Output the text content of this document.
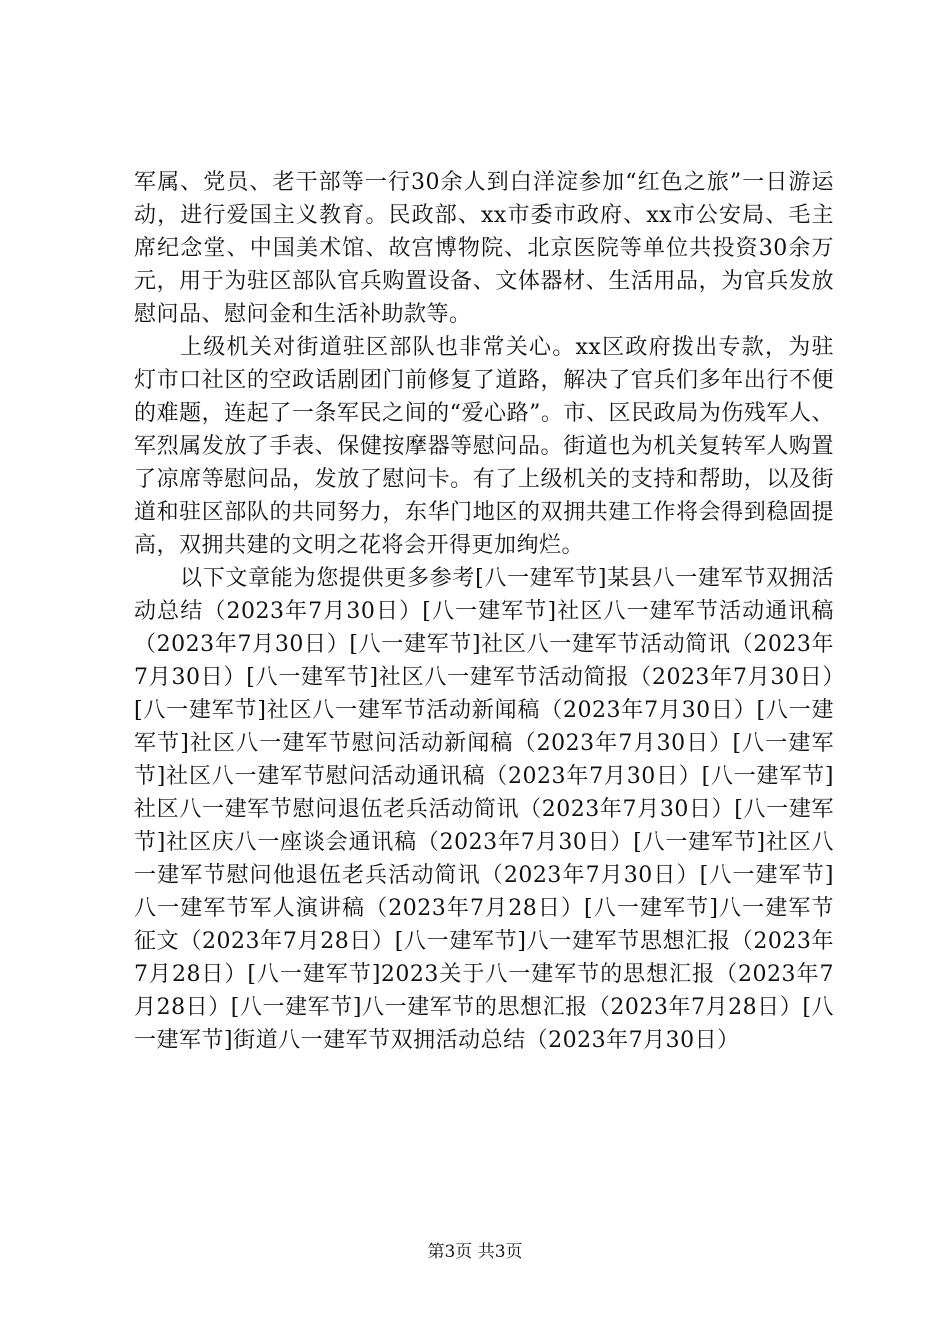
军属、党员、老干部等一行30余人到白洋淀参加“红色之旅”一日游运动，进行爱国主义教育。民政部、xx市委市政府、xx市公安局、毛主席纪念堂、中国美术馆、故宫博物院、北京医院等单位共投资30余万元，用于为驻区部队官兵购置设备、文体器材、生活用品，为官兵发放慰问品、慰问金和生活补助款等。

上级机关对街道驻区部队也非常关心。xx区政府拨出专款，为驻灯市口社区的空政话剧团门前修复了道路，解决了官兵们多年出行不便的难题，连起了一条军民之间的“爱心路”。市、区民政局为伤残军人、军烈属发放了手表、保健按摩器等慰问品。街道也为机关复转军人购置了凉席等慰问品，发放了慰问卡。有了上级机关的支持和帮助，以及街道和驻区部队的共同努力，东华门地区的双拥共建工作将会得到稳固提高，双拥共建的文明之花将会开得更加绚烂。

以下文章能为您提供更多参考[八一建军节]某县八一建军节双拥活动总结（2023年7月30日）[八一建军节]社区八一建军节活动通讯稿（2023年7月30日）[八一建军节]社区八一建军节活动简讯（2023年7月30日）[八一建军节]社区八一建军节活动简报（2023年7月30日）[八一建军节]社区八一建军节活动新闻稿（2023年7月30日）[八一建军节]社区八一建军节慰问活动新闻稿（2023年7月30日）[八一建军节]社区八一建军节慰问活动通讯稿（2023年7月30日）[八一建军节]社区八一建军节慰问退伍老兵活动简讯（2023年7月30日）[八一建军节]社区庆八一座谈会通讯稿（2023年7月30日）[八一建军节]社区八一建军节慰问他退伍老兵活动简讯（2023年7月30日）[八一建军节]八一建军节军人演讲稿（2023年7月28日）[八一建军节]八一建军节征文（2023年7月28日）[八一建军节]八一建军节思想汇报（2023年7月28日）[八一建军节]2023关于八一建军节的思想汇报（2023年7月28日）[八一建军节]八一建军节的思想汇报（2023年7月28日）[八一建军节]街道八一建军节双拥活动总结（2023年7月30日）

第3页 共3页
